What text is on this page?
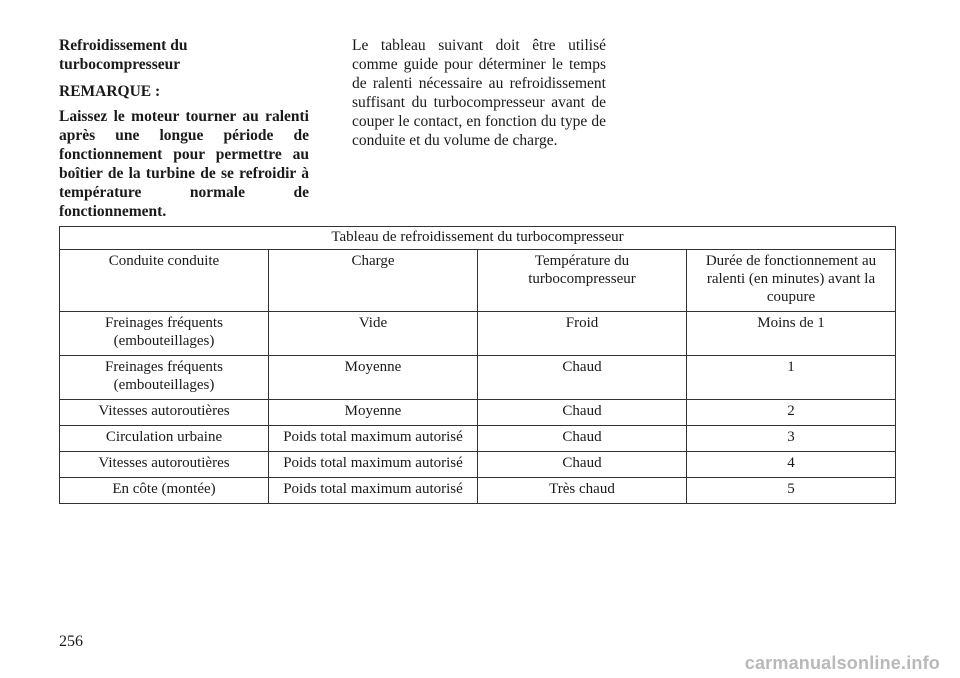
Refroidissement du turbocompresseur

REMARQUE :

Laissez le moteur tourner au ralenti après une longue période de fonctionnement pour permettre au boîtier de la turbine de se refroidir à température normale de fonctionnement.

Le tableau suivant doit être utilisé comme guide pour déterminer le temps de ralenti nécessaire au refroidissement suffisant du turbocompresseur avant de couper le contact, en fonction du type de conduite et du volume de charge.

Tableau de refroidissement du turbocompresseur			
Conduite conduite	Charge	Température du turbocompresseur	Durée de fonctionnement au ralenti (en minutes) avant la coupure
Freinages fréquents (embouteillages)	Vide	Froid	Moins de 1
Freinages fréquents (embouteillages)	Moyenne	Chaud	1
Vitesses autoroutières	Moyenne	Chaud	2
Circulation urbaine	Poids total maximum autorisé	Chaud	3
Vitesses autoroutières	Poids total maximum autorisé	Chaud	4
En côte (montée)	Poids total maximum autorisé	Très chaud	5
256
carmanualsonline.info
